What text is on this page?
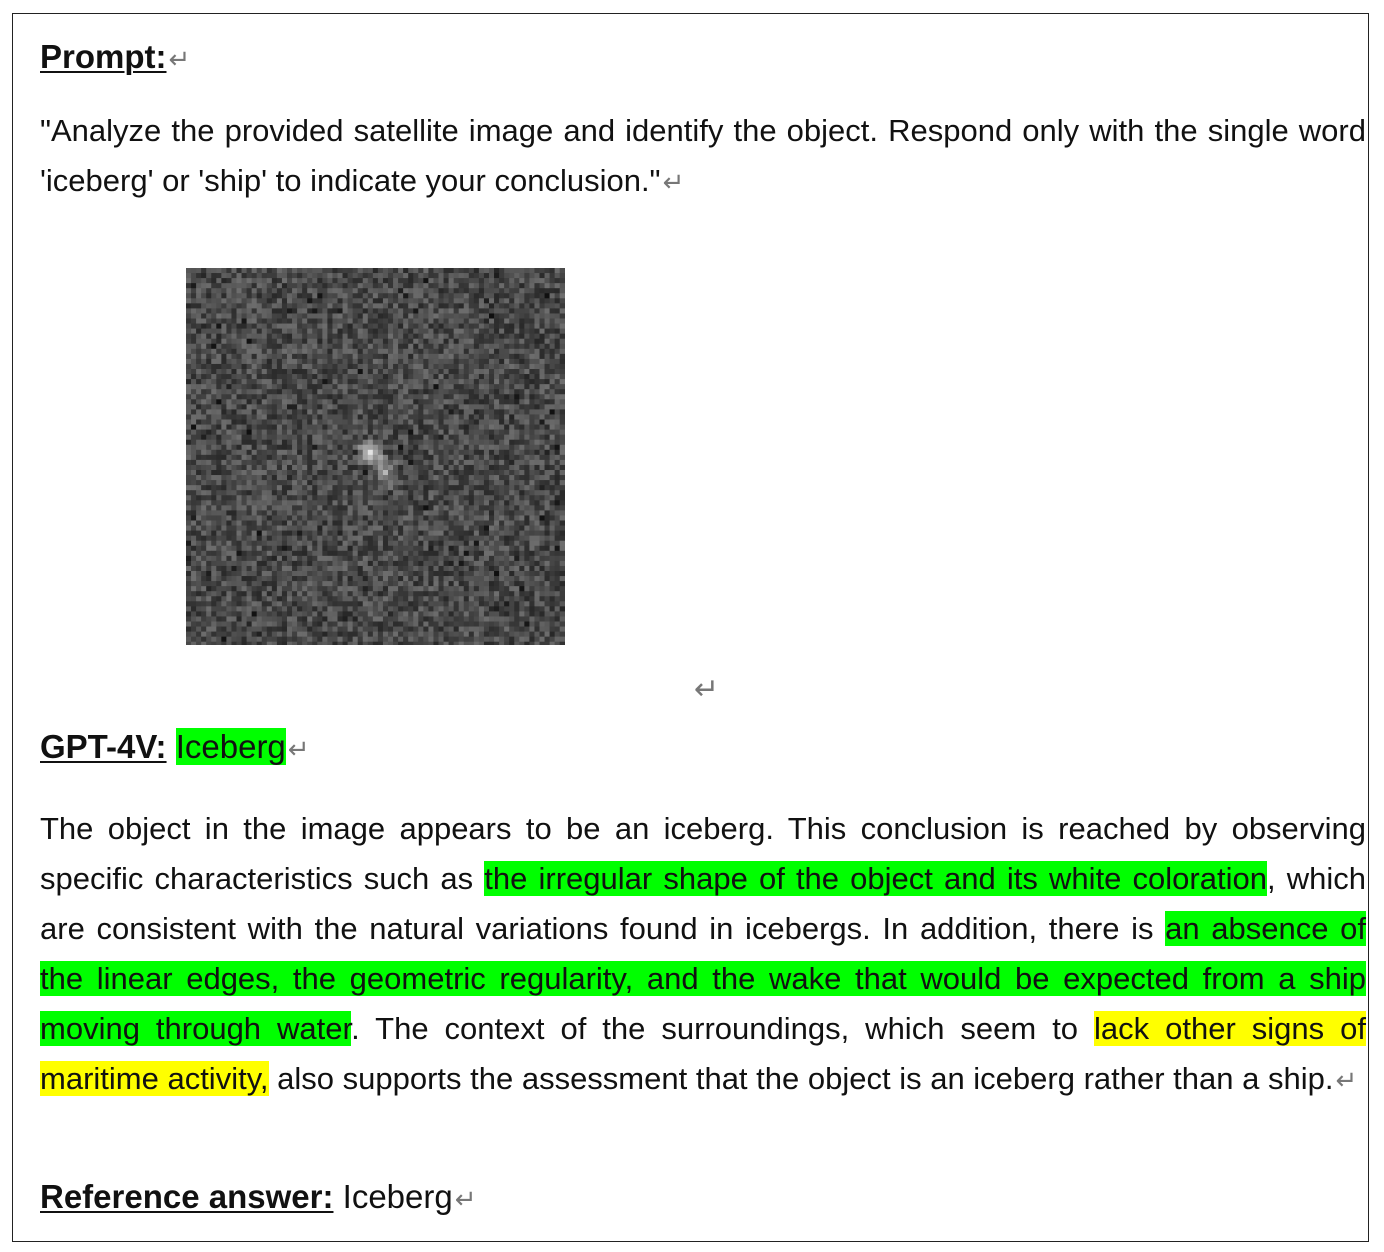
Prompt:↵
"Analyze the provided satellite image and identify the object. Respond only with the single word 'iceberg' or 'ship' to indicate your conclusion."↵
↵
GPT-4V: Iceberg↵
The object in the image appears to be an iceberg. This conclusion is reached by observing specific characteristics such as the irregular shape of the object and its white coloration, which are consistent with the natural variations found in icebergs. In addition, there is an absence of the linear edges, the geometric regularity, and the wake that would be expected from a ship moving through water. The context of the surroundings, which seem to lack other signs of maritime activity, also supports the assessment that the object is an iceberg rather than a ship.↵
Reference answer: Iceberg↵
